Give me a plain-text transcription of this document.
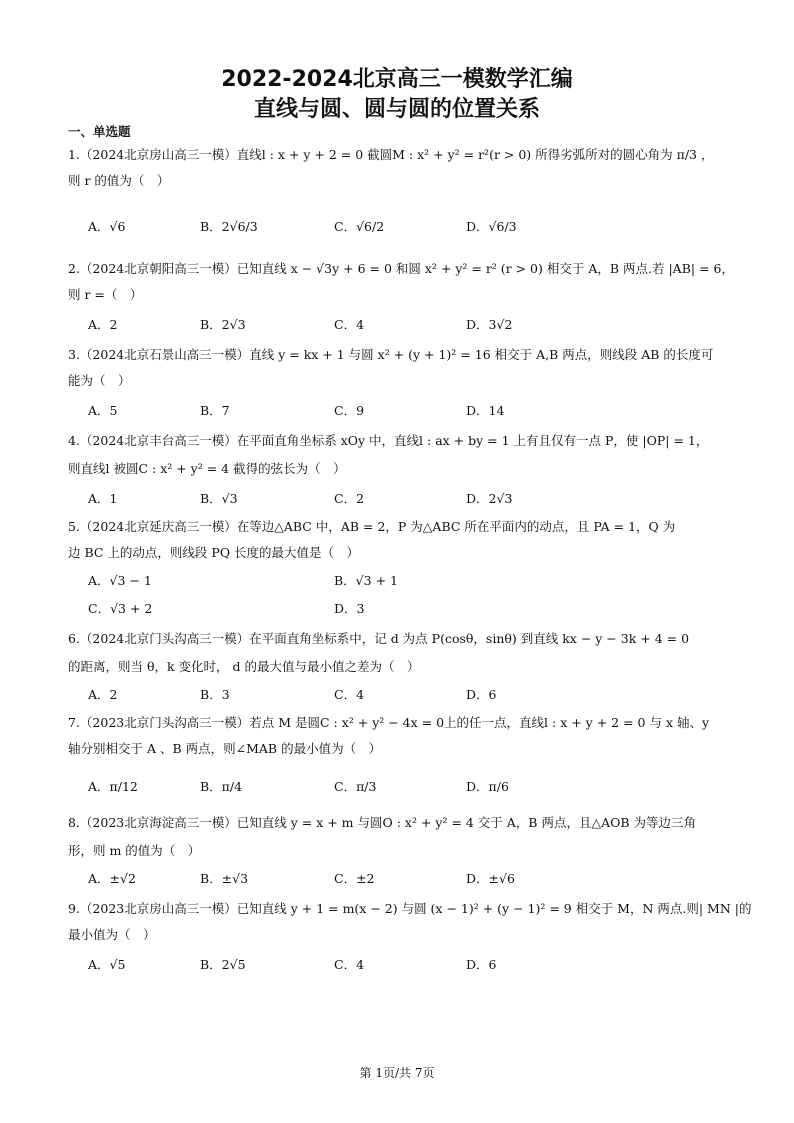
2022-2024北京高三一模数学汇编
直线与圆、圆与圆的位置关系
一、单选题
1.（2024北京房山高三一模）直线l : x + y + 2 = 0 截圆M : x² + y² = r²(r > 0) 所得劣弧所对的圆心角为 π/3 ，
则 r 的值为（　）
A．√6	B．2√6/3	C．√6/2	D．√6/3
2.（2024北京朝阳高三一模）已知直线 x − √3y + 6 = 0 和圆 x² + y² = r² (r > 0) 相交于 A，B 两点.若 |AB| = 6，
则 r =（　）
A．2	B．2√3	C．4	D．3√2
3.（2024北京石景山高三一模）直线 y = kx + 1 与圆 x² + (y + 1)² = 16 相交于 A,B 两点，则线段 AB 的长度可
能为（　）
A．5	B．7	C．9	D．14
4.（2024北京丰台高三一模）在平面直角坐标系 xOy 中，直线l : ax + by = 1 上有且仅有一点 P，使 |OP| = 1，
则直线l 被圆C : x² + y² = 4 截得的弦长为（　）
A．1	B．√3	C．2	D．2√3
5.（2024北京延庆高三一模）在等边△ABC 中，AB = 2，P 为△ABC 所在平面内的动点，且 PA = 1，Q 为
边 BC 上的动点，则线段 PQ 长度的最大值是（　）
A．√3 − 1	B．√3 + 1
C．√3 + 2	D．3
6.（2024北京门头沟高三一模）在平面直角坐标系中，记 d 为点 P(cosθ，sinθ) 到直线 kx − y − 3k + 4 = 0
的距离，则当 θ，k 变化时， d 的最大值与最小值之差为（　）
A．2	B．3	C．4	D．6
7.（2023北京门头沟高三一模）若点 M 是圆C : x² + y² − 4x = 0上的任一点，直线l : x + y + 2 = 0 与 x 轴、y
轴分别相交于 A 、B 两点，则∠MAB 的最小值为（　）
A．π/12	B．π/4	C．π/3	D．π/6
8.（2023北京海淀高三一模）已知直线 y = x + m 与圆O : x² + y² = 4 交于 A，B 两点，且△AOB 为等边三角
形，则 m 的值为（　）
A．±√2	B．±√3	C．±2	D．±√6
9.（2023北京房山高三一模）已知直线 y + 1 = m(x − 2) 与圆 (x − 1)² + (y − 1)² = 9 相交于 M，N 两点.则| MN |的
最小值为（　）
A．√5	B．2√5	C．4	D．6
第 1页/共 7页
